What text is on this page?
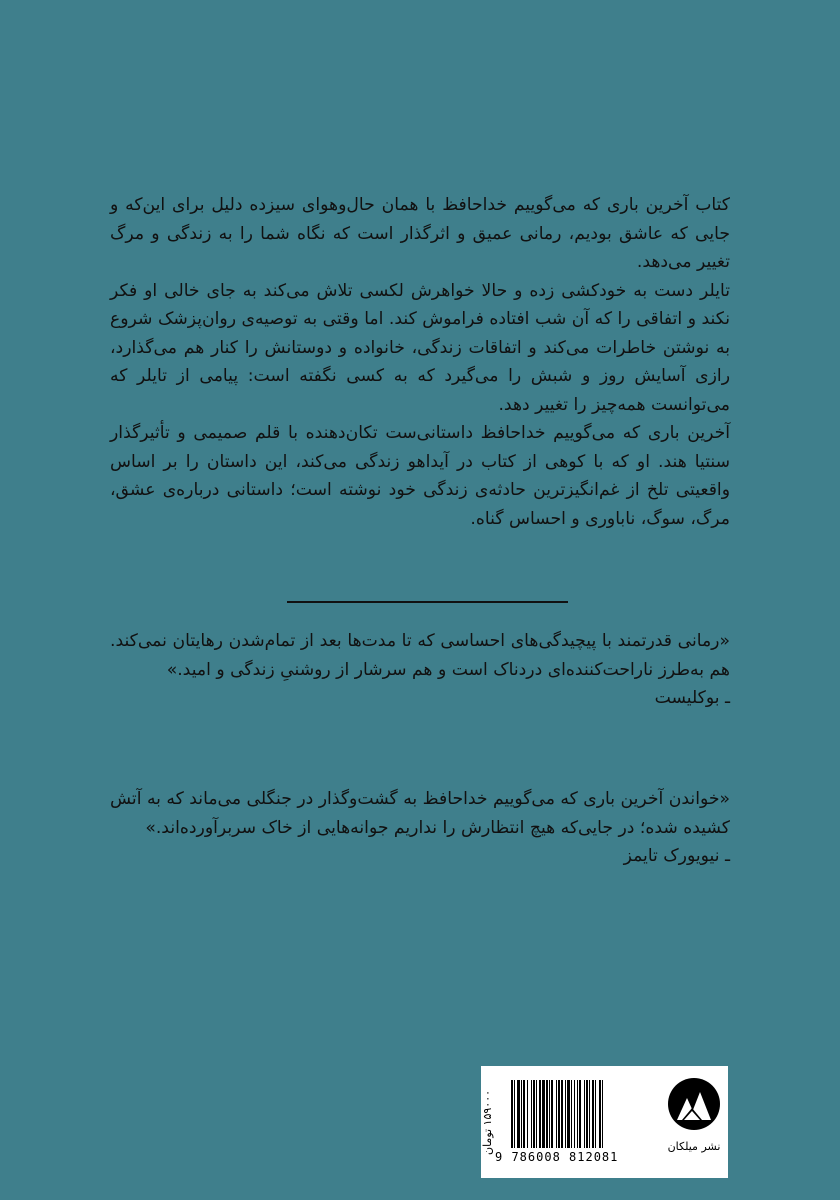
کتاب آخرین باری که می‌گوییم خداحافظ با همان حال‌وهوای سیزده دلیل برای این‌که و جایی که عاشق بودیم، رمانی عمیق و اثرگذار است که نگاه شما را به زندگی و مرگ تغییر می‌دهد.

تایلر دست به خودکشی زده و حالا خواهرش لکسی تلاش می‌کند به جای خالی او فکر نکند و اتفاقی را که آن شب افتاده فراموش کند. اما وقتی به توصیه‌ی روان‌پزشک شروع به نوشتن خاطرات می‌کند و اتفاقات زندگی، خانواده و دوستانش را کنار هم می‌گذارد، رازی آسایش روز و شبش را می‌گیرد که به کسی نگفته است: پیامی از تایلر که می‌توانست همه‌چیز را تغییر دهد.

آخرین باری که می‌گوییم خداحافظ داستانی‌ست تکان‌دهنده با قلم صمیمی و تأثیرگذار سنتیا هند. او که با کوهی از کتاب در آیداهو زندگی می‌کند، این داستان را بر اساس واقعیتی تلخ از غم‌انگیزترین حادثه‌ی زندگی خود نوشته است؛ داستانی درباره‌ی عشق، مرگ، سوگ، ناباوری و احساس گناه.

«رمانی قدرتمند با پیچیدگی‌های احساسی که تا مدت‌ها بعد از تمام‌شدن رهایتان نمی‌کند. هم به‌طرز ناراحت‌کننده‌ای دردناک است و هم سرشار از روشنیِ زندگی و امید.»

ـ بوکلیست

«خواندن آخرین باری که می‌گوییم خداحافظ به گشت‌وگذار در جنگلی می‌ماند که به آتش کشیده شده؛ در جایی‌که هیچ انتظارش را نداریم جوانه‌هایی از خاک سربرآورده‌اند.»

ـ نیویورک تایمز

۱۵۹۰۰۰ تومان
9 786008 812081
نشر میلکان
